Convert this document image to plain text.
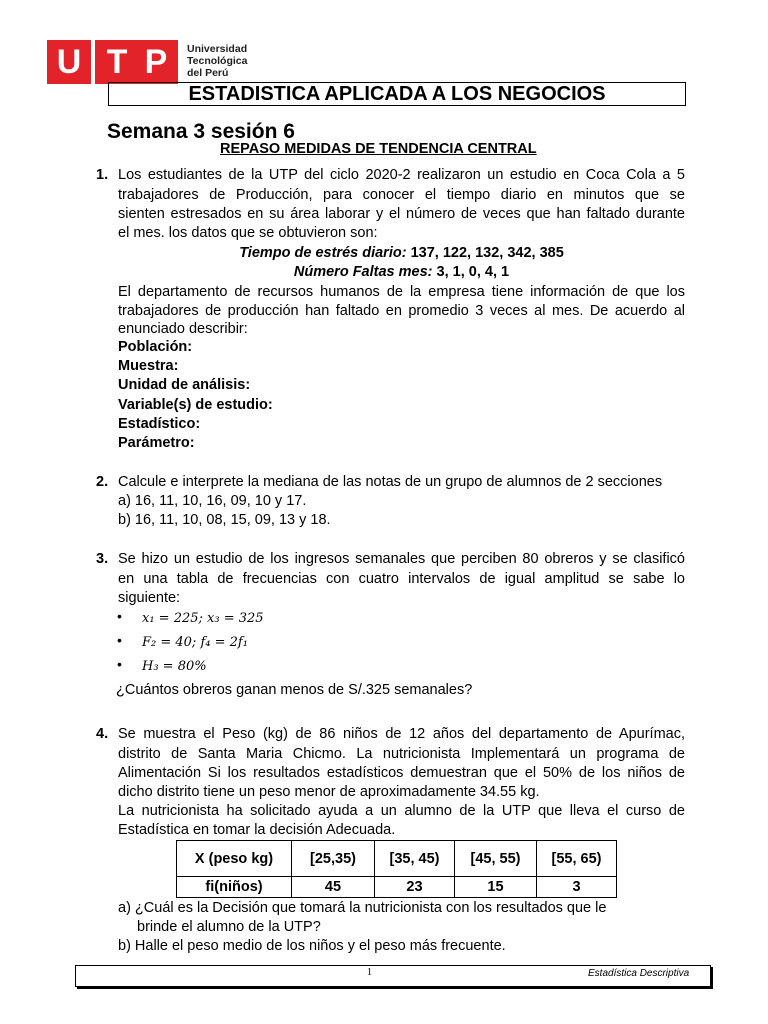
U T P	Universidad
Tecnológica
del Perú
ESTADISTICA APLICADA A LOS NEGOCIOS
Semana 3 sesión 6
REPASO MEDIDAS DE TENDENCIA CENTRAL
1. Los estudiantes de la UTP del ciclo 2020-2 realizaron un estudio en Coca Cola a 5
trabajadores de Producción, para conocer el tiempo diario en minutos que se
sienten estresados en su área laborar y el número de veces que han faltado durante
el mes. los datos que se obtuvieron son:
Tiempo de estrés diario: 137, 122, 132, 342, 385
Número Faltas mes: 3, 1, 0, 4, 1
El departamento de recursos humanos de la empresa tiene información de que los
trabajadores de producción han faltado en promedio 3 veces al mes. De acuerdo al
enunciado describir:
Población:
Muestra:
Unidad de análisis:
Variable(s) de estudio:
Estadístico:
Parámetro:
2. Calcule e interprete la mediana de las notas de un grupo de alumnos de 2 secciones
a) 16, 11, 10, 16, 09, 10 y 17.
b) 16, 11, 10, 08, 15, 09, 13 y 18.
3. Se hizo un estudio de los ingresos semanales que perciben 80 obreros y se clasificó
en una tabla de frecuencias con cuatro intervalos de igual amplitud se sabe lo
siguiente:
• x₁ = 225; x₃ = 325
• F₂ = 40; f₄ = 2f₁
• H₃ = 80%
¿Cuántos obreros ganan menos de S/.325 semanales?
4. Se muestra el Peso (kg) de 86 niños de 12 años del departamento de Apurímac,
distrito de Santa Maria Chicmo. La nutricionista Implementará un programa de
Alimentación Si los resultados estadísticos demuestran que el 50% de los niños de
dicho distrito tiene un peso menor de aproximadamente 34.55 kg.
La nutricionista ha solicitado ayuda a un alumno de la UTP que lleva el curso de
Estadística en tomar la decisión Adecuada.
X (peso kg)	[25,35)	[35, 45)	[45, 55)	[55, 65)
fi(niños)	45	23	15	3
a) ¿Cuál es la Decisión que tomará la nutricionista con los resultados que le
brinde el alumno de la UTP?
b) Halle el peso medio de los niños y el peso más frecuente.
1	Estadística Descriptiva
